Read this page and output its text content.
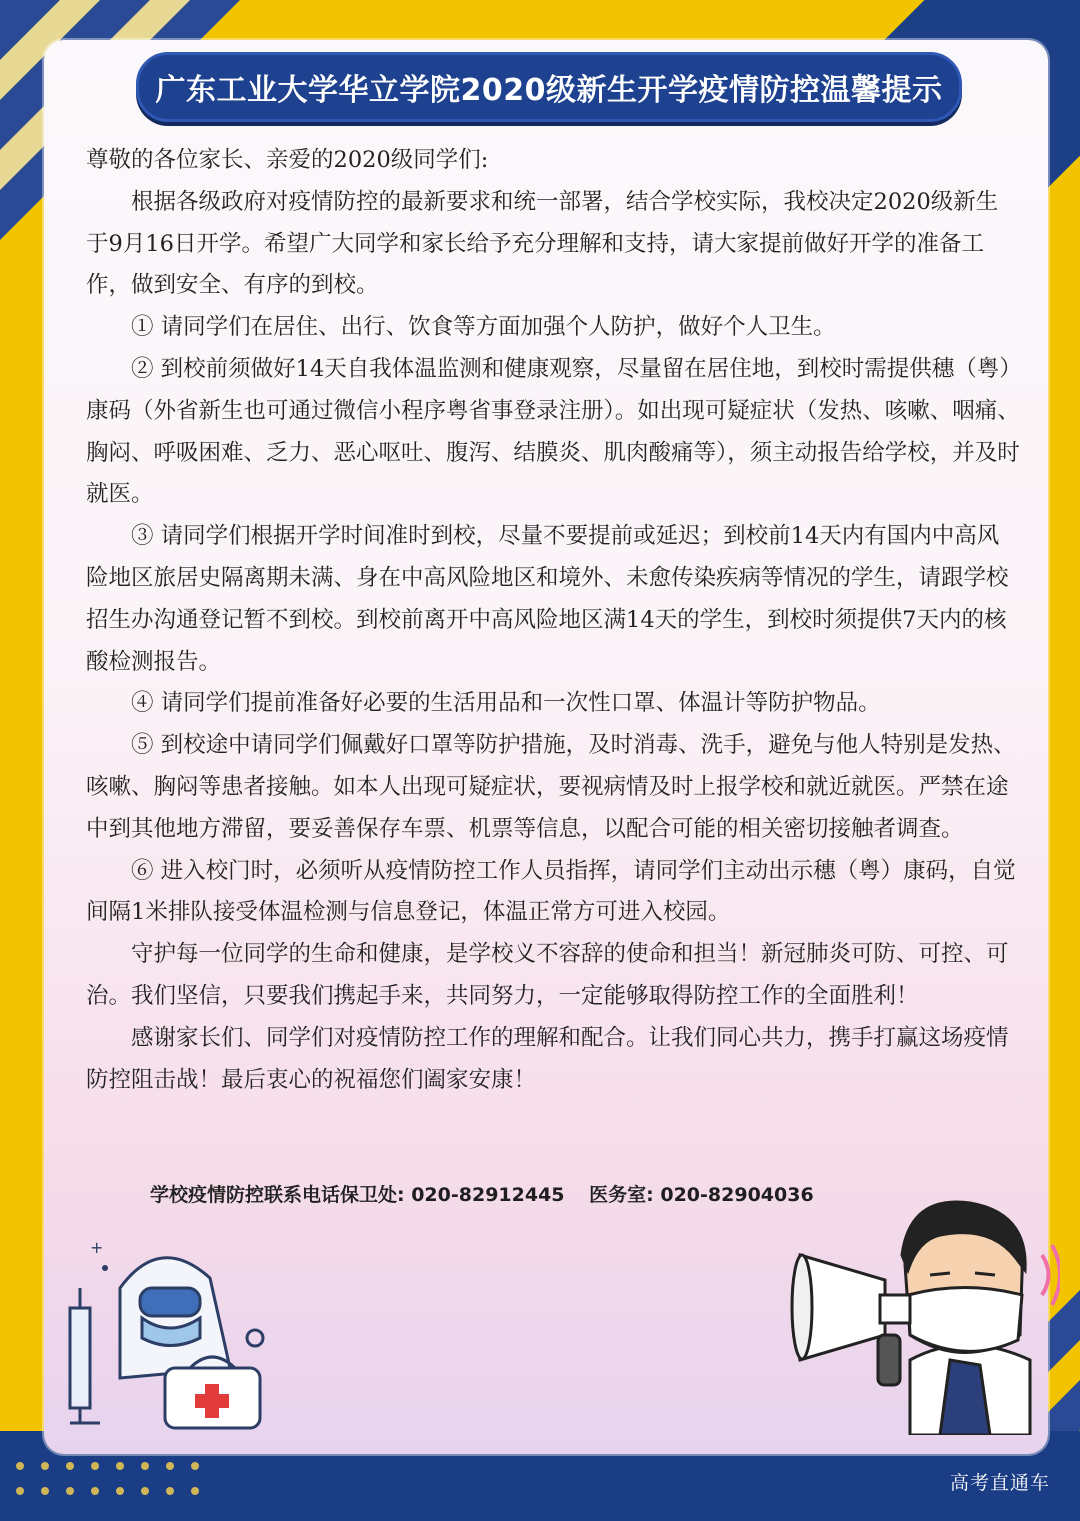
广东工业大学华立学院2020级新生开学疫情防控温馨提示

尊敬的各位家长、亲爱的2020级同学们:

根据各级政府对疫情防控的最新要求和统一部署，结合学校实际，我校决定2020级新生于9月16日开学。希望广大同学和家长给予充分理解和支持，请大家提前做好开学的准备工作，做到安全、有序的到校。

① 请同学们在居住、出行、饮食等方面加强个人防护，做好个人卫生。

② 到校前须做好14天自我体温监测和健康观察，尽量留在居住地，到校时需提供穗（粤）康码（外省新生也可通过微信小程序粤省事登录注册）。如出现可疑症状（发热、咳嗽、咽痛、胸闷、呼吸困难、乏力、恶心呕吐、腹泻、结膜炎、肌肉酸痛等），须主动报告给学校，并及时就医。

③ 请同学们根据开学时间准时到校，尽量不要提前或延迟；到校前14天内有国内中高风险地区旅居史隔离期未满、身在中高风险地区和境外、未愈传染疾病等情况的学生，请跟学校招生办沟通登记暂不到校。到校前离开中高风险地区满14天的学生，到校时须提供7天内的核酸检测报告。

④ 请同学们提前准备好必要的生活用品和一次性口罩、体温计等防护物品。

⑤ 到校途中请同学们佩戴好口罩等防护措施，及时消毒、洗手，避免与他人特别是发热、咳嗽、胸闷等患者接触。如本人出现可疑症状，要视病情及时上报学校和就近就医。严禁在途中到其他地方滞留，要妥善保存车票、机票等信息，以配合可能的相关密切接触者调查。

⑥ 进入校门时，必须听从疫情防控工作人员指挥，请同学们主动出示穗（粤）康码，自觉间隔1米排队接受体温检测与信息登记，体温正常方可进入校园。

守护每一位同学的生命和健康，是学校义不容辞的使命和担当！新冠肺炎可防、可控、可治。我们坚信，只要我们携起手来，共同努力，一定能够取得防控工作的全面胜利！

感谢家长们、同学们对疫情防控工作的理解和配合。让我们同心共力，携手打赢这场疫情防控阻击战！最后衷心的祝福您们阖家安康！

学校疫情防控联系电话保卫处: 020-82912445 医务室: 020-82904036
+
高考直通车
